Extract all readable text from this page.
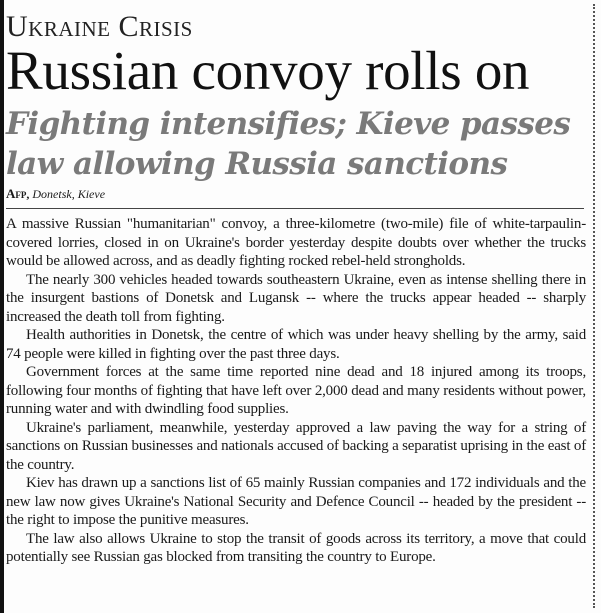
Ukraine Crisis
Russian convoy rolls on
Fighting intensifies; Kieve passes law allowing Russia sanctions
Afp, Donetsk, Kieve

A massive Russian "humanitarian" convoy, a three-kilometre (two-mile) file of white-tarpaulin-covered lorries, closed in on Ukraine's border yesterday despite doubts over whether the trucks would be allowed across, and as deadly fighting rocked rebel-held strongholds.

The nearly 300 vehicles headed towards southeastern Ukraine, even as intense shelling there in the insurgent bastions of Donetsk and Lugansk -- where the trucks appear headed -- sharply increased the death toll from fighting.

Health authorities in Donetsk, the centre of which was under heavy shelling by the army, said 74 people were killed in fighting over the past three days.

Government forces at the same time reported nine dead and 18 injured among its troops, following four months of fighting that have left over 2,000 dead and many residents without power, running water and with dwindling food supplies.

Ukraine's parliament, meanwhile, yesterday approved a law paving the way for a string of sanctions on Russian businesses and nationals accused of backing a separatist uprising in the east of the country.

Kiev has drawn up a sanctions list of 65 mainly Russian companies and 172 individuals and the new law now gives Ukraine's National Security and Defence Council -- headed by the president -- the right to impose the punitive measures.

The law also allows Ukraine to stop the transit of goods across its territory, a move that could potentially see Russian gas blocked from transiting the country to Europe.
